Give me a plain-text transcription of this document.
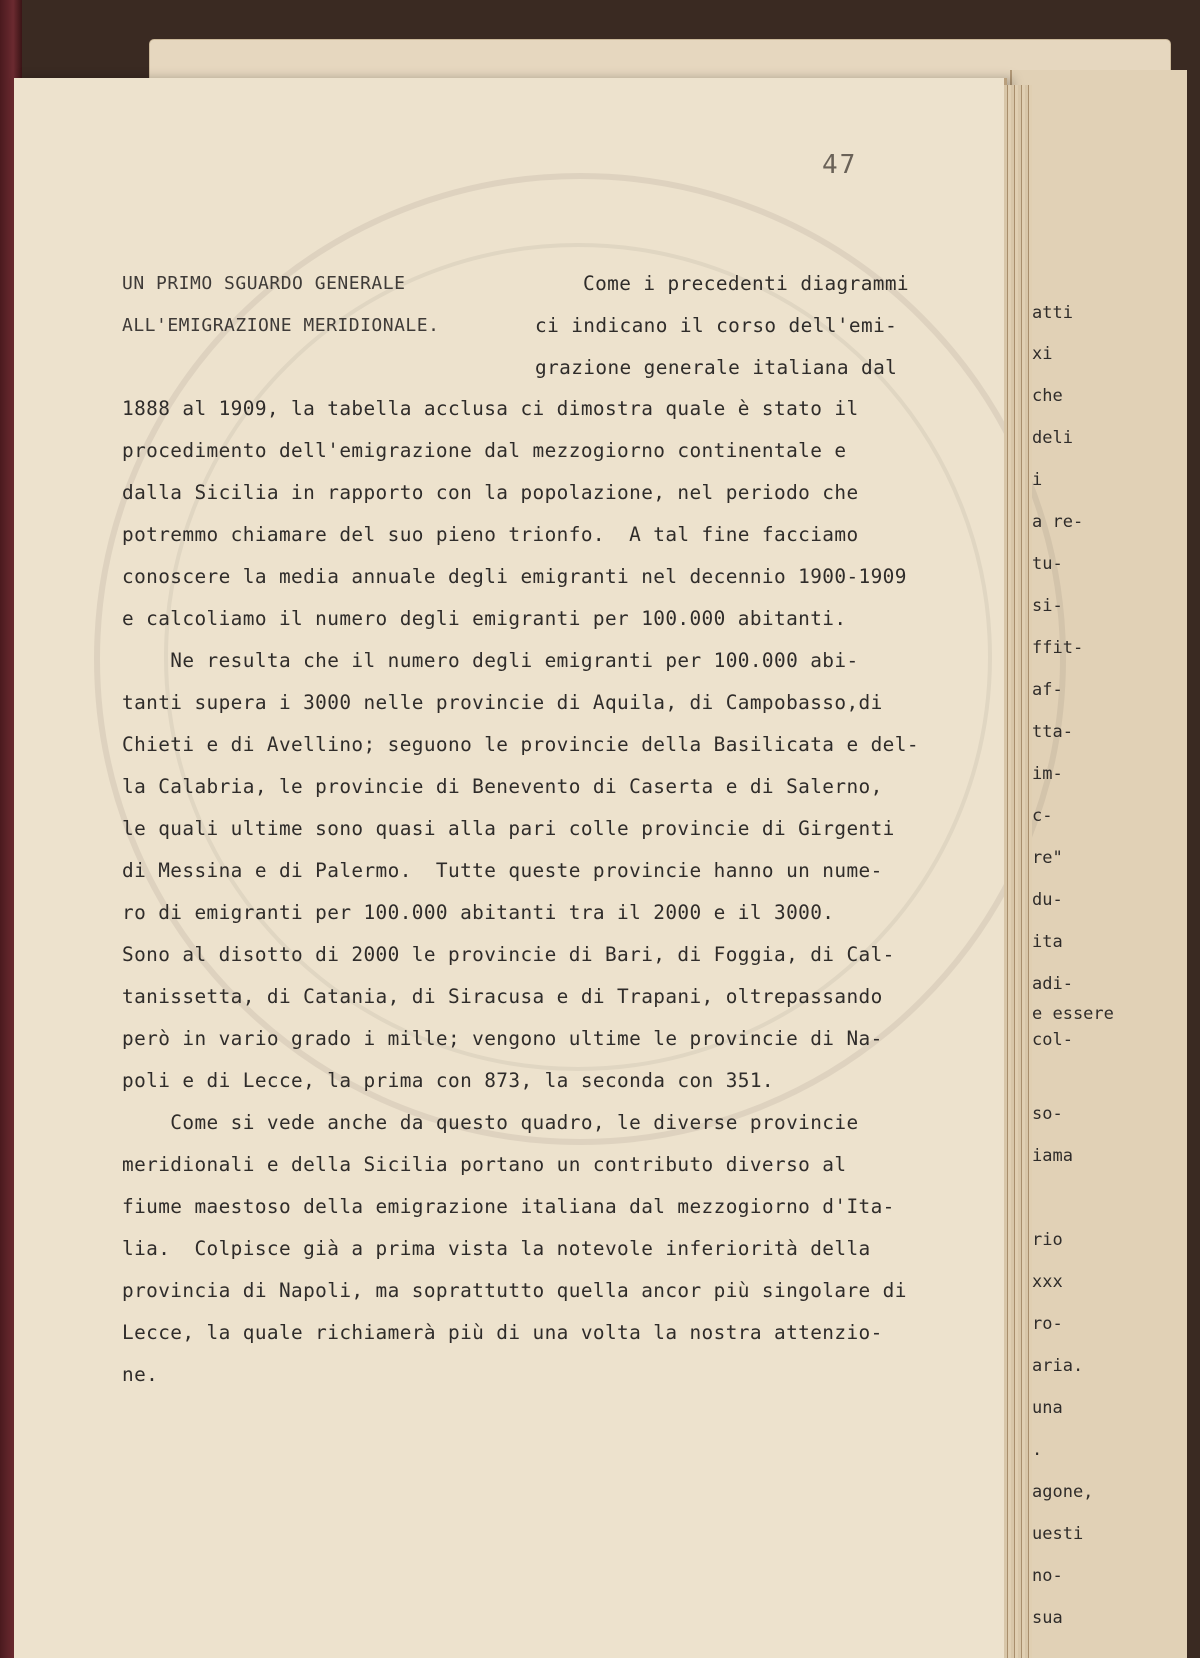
47
UN PRIMO SGUARDO GENERALE
ALL'EMIGRAZIONE MERIDIONALE.
Come i precedenti diagrammi
ci indicano il corso dell'emi-
grazione generale italiana dal
1888 al 1909, la tabella acclusa ci dimostra quale è stato il
procedimento dell'emigrazione dal mezzogiorno continentale e
dalla Sicilia in rapporto con la popolazione, nel periodo che
potremmo chiamare del suo pieno trionfo.  A tal fine facciamo
conoscere la media annuale degli emigranti nel decennio 1900-1909
e calcoliamo il numero degli emigranti per 100.000 abitanti.
Ne resulta che il numero degli emigranti per 100.000 abi-
tanti supera i 3000 nelle provincie di Aquila, di Campobasso,di
Chieti e di Avellino; seguono le provincie della Basilicata e del-
la Calabria, le provincie di Benevento di Caserta e di Salerno,
le quali ultime sono quasi alla pari colle provincie di Girgenti
di Messina e di Palermo.  Tutte queste provincie hanno un nume-
ro di emigranti per 100.000 abitanti tra il 2000 e il 3000.
Sono al disotto di 2000 le provincie di Bari, di Foggia, di Cal-
tanissetta, di Catania, di Siracusa e di Trapani, oltrepassando
però in vario grado i mille; vengono ultime le provincie di Na-
poli e di Lecce, la prima con 873, la seconda con 351.
Come si vede anche da questo quadro, le diverse provincie
meridionali e della Sicilia portano un contributo diverso al
fiume maestoso della emigrazione italiana dal mezzogiorno d'Ita-
lia.  Colpisce già a prima vista la notevole inferiorità della
provincia di Napoli, ma soprattutto quella ancor più singolare di
Lecce, la quale richiamerà più di una volta la nostra attenzio-
ne.
atti
xi
che
deli
i
a re-
tu-
si-
ffit-
af-
tta-
im-
c-
re"
du-
ita
adi-
e essere
col-
so-
iama
rio
xxx
ro-
aria.
una
.
agone,
uesti
no-
sua
